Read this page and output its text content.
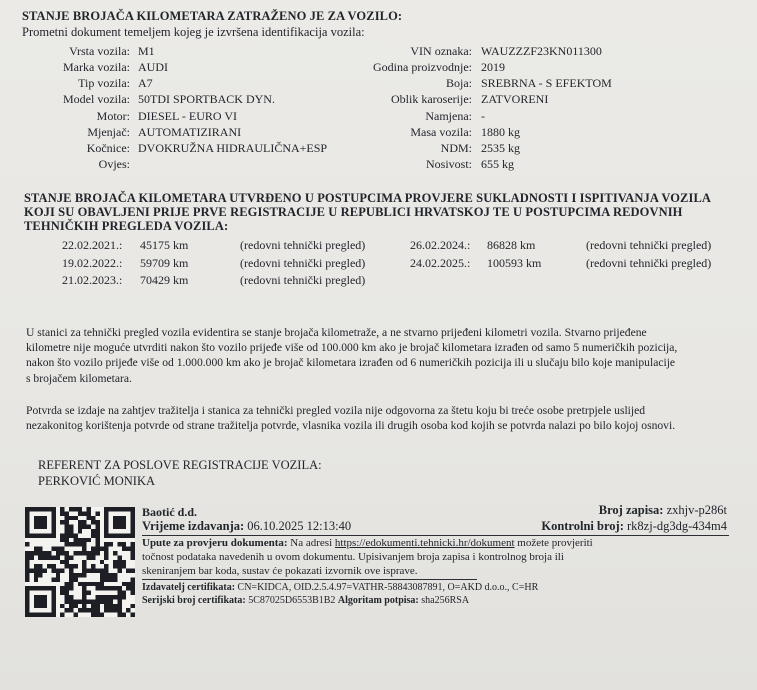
STANJE BROJAČA KILOMETARA ZATRAŽENO JE ZA VOZILO:
Prometni dokument temeljem kojeg je izvršena identifikacija vozila:
Vrsta vozila: M1
Marka vozila: AUDI
Tip vozila: A7
Model vozila: 50TDI SPORTBACK DYN.
Motor: DIESEL - EURO VI
Mjenjač: AUTOMATIZIRANI
Kočnice: DVOKRUŽNA HIDRAULIČNA+ESP
Ovjes:
VIN oznaka: WAUZZZF23KN011300
Godina proizvodnje: 2019
Boja: SREBRNA - S EFEKTOM
Oblik karoserije: ZATVORENI
Namjena: -
Masa vozila: 1880 kg
NDM: 2535 kg
Nosivost: 655 kg
STANJE BROJAČA KILOMETARA UTVRĐENO U POSTUPCIMA PROVJERE SUKLADNOSTI I ISPITIVANJA VOZILA
KOJI SU OBAVLJENI PRIJE PRVE REGISTRACIJE U REPUBLICI HRVATSKOJ TE U POSTUPCIMA REDOVNIH
TEHNIČKIH PREGLEDA VOZILA:
22.02.2021.: 45175 km	(redovni tehnički pregled)
19.02.2022.: 59709 km	(redovni tehnički pregled)
21.02.2023.: 70429 km	(redovni tehnički pregled)
26.02.2024.: 86828 km	(redovni tehnički pregled)
24.02.2025.: 100593 km	(redovni tehnički pregled)
U stanici za tehnički pregled vozila evidentira se stanje brojača kilometraže, a ne stvarno prijeđeni kilometri vozila. Stvarno prijeđene
kilometre nije moguće utvrditi nakon što vozilo prijeđe više od 100.000 km ako je brojač kilometara izrađen od samo 5 numeričkih pozicija,
nakon što vozilo prijeđe više od 1.000.000 km ako je brojač kilometara izrađen od 6 numeričkih pozicija ili u slučaju bilo koje manipulacije
s brojačem kilometara.
Potvrda se izdaje na zahtjev tražitelja i stanica za tehnički pregled vozila nije odgovorna za štetu koju bi treće osobe pretrpjele uslijed
nezakonitog korištenja potvrde od strane tražitelja potvrde, vlasnika vozila ili drugih osoba kod kojih se potvrda nalazi po bilo kojoj osnovi.
REFERENT ZA POSLOVE REGISTRACIJE VOZILA:
PERKOVIĆ MONIKA
Baotić d.d.
Vrijeme izdavanja: 06.10.2025 12:13:40
Broj zapisa: zxhjv-p286t
Kontrolni broj: rk8zj-dg3dg-434m4
Upute za provjeru dokumenta: Na adresi https://edokumenti.tehnicki.hr/dokument možete provjeriti
točnost podataka navedenih u ovom dokumentu. Upisivanjem broja zapisa i kontrolnog broja ili
skeniranjem bar koda, sustav će pokazati izvornik ove isprave.
Izdavatelj certifikata: CN=KIDCA, OID.2.5.4.97=VATHR-58843087891, O=AKD d.o.o., C=HR
Serijski broj certifikata: 5C87025D6553B1B2 Algoritam potpisa: sha256RSA
